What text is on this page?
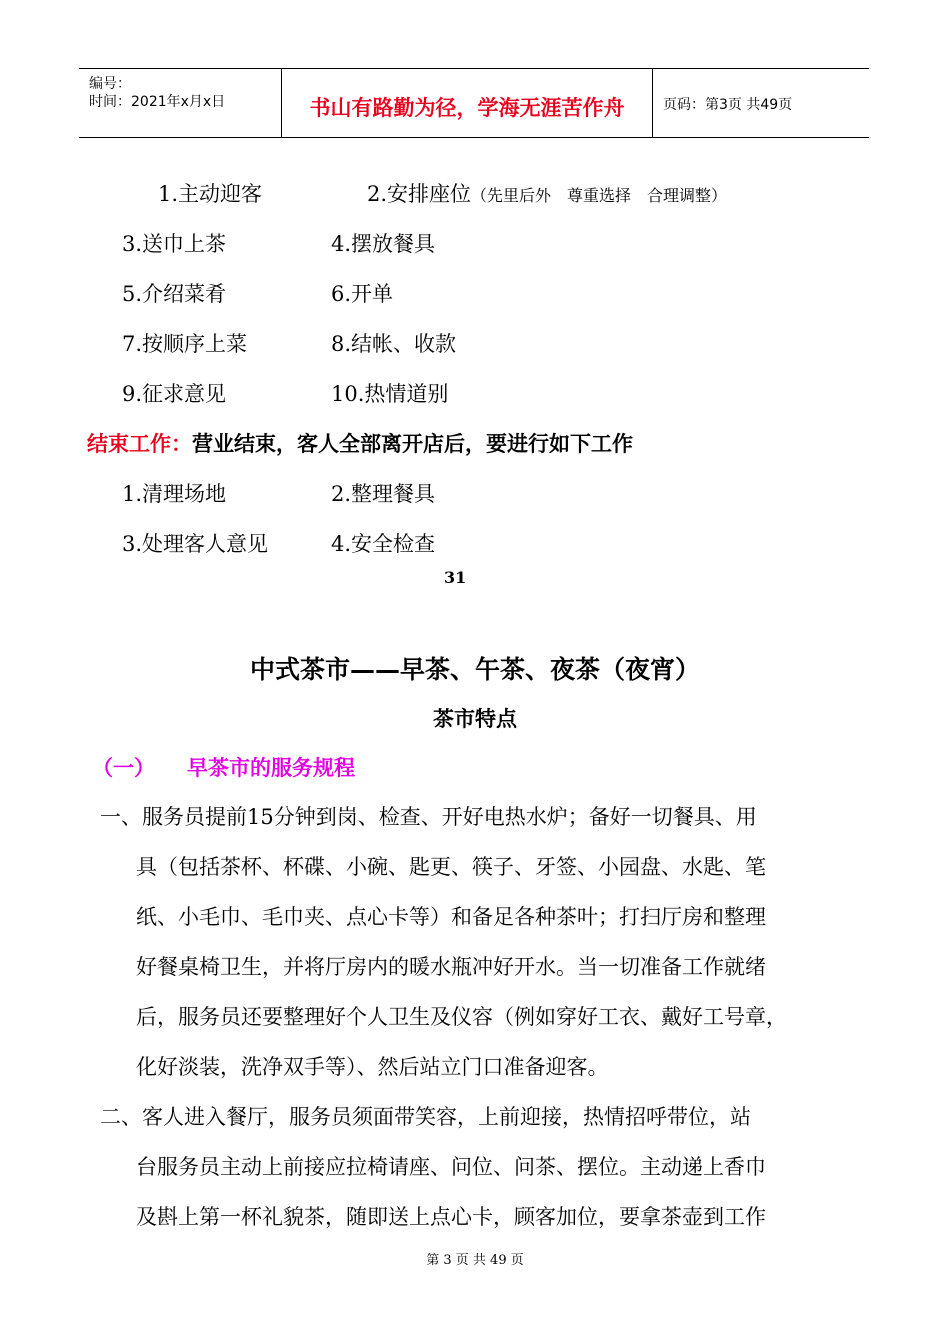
编号：
时间：2021年x月x日	书山有路勤为径，学海无涯苦作舟	页码：第3页 共49页
1.主动迎客	2.安排座位（先里后外　尊重选择　合理调整）
3.送巾上茶	4.摆放餐具
5.介绍菜肴	6.开单
7.按顺序上菜	8.结帐、收款
9.征求意见	10.热情道别
结束工作：营业结束，客人全部离开店后，要进行如下工作
1.清理场地	2.整理餐具
3.处理客人意见	4.安全检查
31
中式茶市——早茶、午茶、夜茶（夜宵）
茶市特点
（一） 早茶市的服务规程
一、服务员提前15分钟到岗、检查、开好电热水炉；备好一切餐具、用
具（包括茶杯、杯碟、小碗、匙更、筷子、牙签、小园盘、水匙、笔
纸、小毛巾、毛巾夹、点心卡等）和备足各种茶叶；打扫厅房和整理
好餐桌椅卫生，并将厅房内的暖水瓶冲好开水。当一切准备工作就绪
后，服务员还要整理好个人卫生及仪容（例如穿好工衣、戴好工号章，
化好淡装，洗净双手等）、然后站立门口准备迎客。
二、客人进入餐厅，服务员须面带笑容，上前迎接，热情招呼带位，站
台服务员主动上前接应拉椅请座、问位、问茶、摆位。主动递上香巾
及斟上第一杯礼貌茶，随即送上点心卡，顾客加位，要拿茶壶到工作
第 3 页 共 49 页
